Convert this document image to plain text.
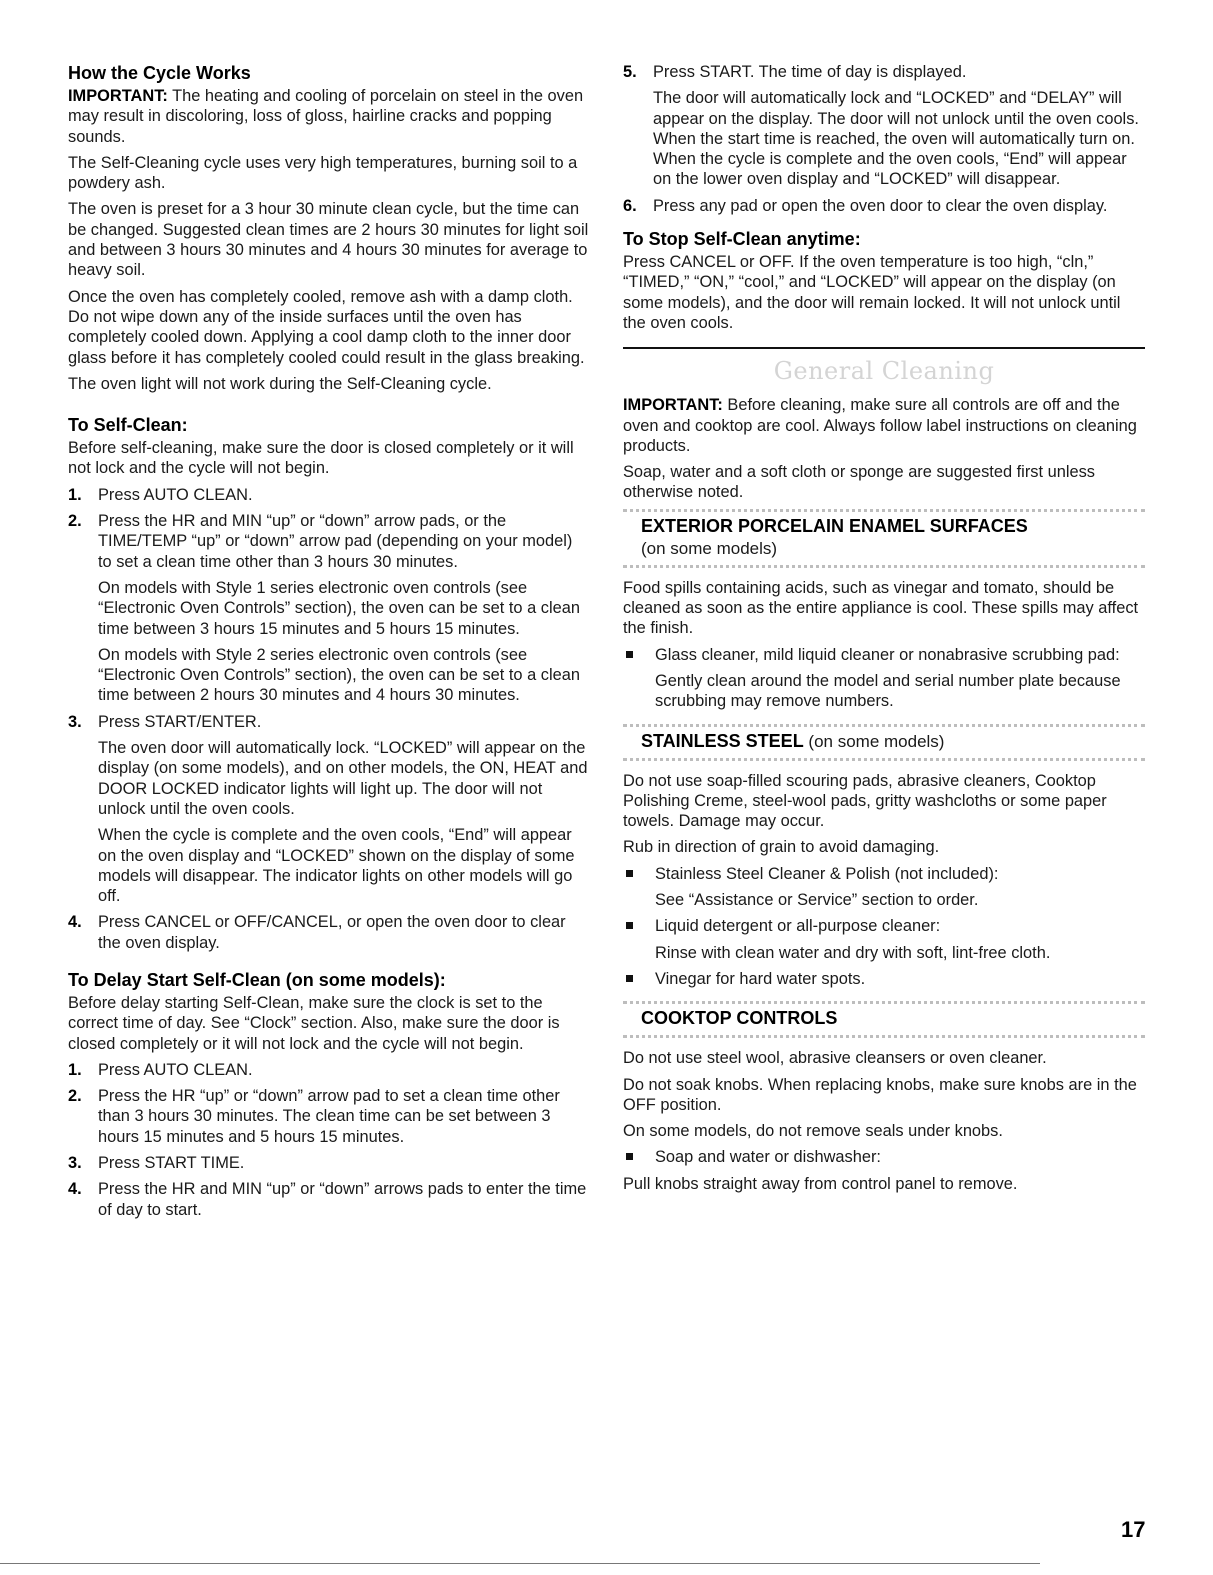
How the Cycle Works

IMPORTANT: The heating and cooling of porcelain on steel in the oven may result in discoloring, loss of gloss, hairline cracks and popping sounds.

The Self-Cleaning cycle uses very high temperatures, burning soil to a powdery ash.

The oven is preset for a 3 hour 30 minute clean cycle, but the time can be changed. Suggested clean times are 2 hours 30 minutes for light soil and between 3 hours 30 minutes and 4 hours 30 minutes for average to heavy soil.

Once the oven has completely cooled, remove ash with a damp cloth. Do not wipe down any of the inside surfaces until the oven has completely cooled down. Applying a cool damp cloth to the inner door glass before it has completely cooled could result in the glass breaking.

The oven light will not work during the Self-Cleaning cycle.

To Self-Clean:

Before self-cleaning, make sure the door is closed completely or it will not lock and the cycle will not begin.

1. Press AUTO CLEAN.
2. Press the HR and MIN “up” or “down” arrow pads, or the TIME/TEMP “up” or “down” arrow pad (depending on your model) to set a clean time other than 3 hours 30 minutes.

On models with Style 1 series electronic oven controls (see “Electronic Oven Controls” section), the oven can be set to a clean time between 3 hours 15 minutes and 5 hours 15 minutes.

On models with Style 2 series electronic oven controls (see “Electronic Oven Controls” section), the oven can be set to a clean time between 2 hours 30 minutes and 4 hours 30 minutes.

3. Press START/ENTER.

The oven door will automatically lock. “LOCKED” will appear on the display (on some models), and on other models, the ON, HEAT and DOOR LOCKED indicator lights will light up. The door will not unlock until the oven cools.

When the cycle is complete and the oven cools, “End” will appear on the oven display and “LOCKED” shown on the display of some models will disappear. The indicator lights on other models will go off.

4. Press CANCEL or OFF/CANCEL, or open the oven door to clear the oven display.
To Delay Start Self-Clean (on some models):

Before delay starting Self-Clean, make sure the clock is set to the correct time of day. See “Clock” section. Also, make sure the door is closed completely or it will not lock and the cycle will not begin.

1. Press AUTO CLEAN.
2. Press the HR “up” or “down” arrow pad to set a clean time other than 3 hours 30 minutes. The clean time can be set between 3 hours 15 minutes and 5 hours 15 minutes.
3. Press START TIME.
4. Press the HR and MIN “up” or “down” arrows pads to enter the time of day to start.
5. Press START. The time of day is displayed.

The door will automatically lock and “LOCKED” and “DELAY” will appear on the display. The door will not unlock until the oven cools. When the start time is reached, the oven will automatically turn on. When the cycle is complete and the oven cools, “End” will appear on the lower oven display and “LOCKED” will disappear.

6. Press any pad or open the oven door to clear the oven display.
To Stop Self-Clean anytime:

Press CANCEL or OFF. If the oven temperature is too high, “cln,” “TIMED,” “ON,” “cool,” and “LOCKED” will appear on the display (on some models), and the door will remain locked. It will not unlock until the oven cools.

General Cleaning

IMPORTANT: Before cleaning, make sure all controls are off and the oven and cooktop are cool. Always follow label instructions on cleaning products.

Soap, water and a soft cloth or sponge are suggested first unless otherwise noted.

EXTERIOR PORCELAIN ENAMEL SURFACES
(on some models)

Food spills containing acids, such as vinegar and tomato, should be cleaned as soon as the entire appliance is cool. These spills may affect the finish.

Glass cleaner, mild liquid cleaner or nonabrasive scrubbing pad:

Gently clean around the model and serial number plate because scrubbing may remove numbers.

STAINLESS STEEL (on some models)

Do not use soap-filled scouring pads, abrasive cleaners, Cooktop Polishing Creme, steel-wool pads, gritty washcloths or some paper towels. Damage may occur.

Rub in direction of grain to avoid damaging.

Stainless Steel Cleaner & Polish (not included):

See “Assistance or Service” section to order.

Liquid detergent or all-purpose cleaner:

Rinse with clean water and dry with soft, lint-free cloth.

Vinegar for hard water spots.
COOKTOP CONTROLS

Do not use steel wool, abrasive cleansers or oven cleaner.

Do not soak knobs. When replacing knobs, make sure knobs are in the OFF position.

On some models, do not remove seals under knobs.

Soap and water or dishwasher:

Pull knobs straight away from control panel to remove.

17
